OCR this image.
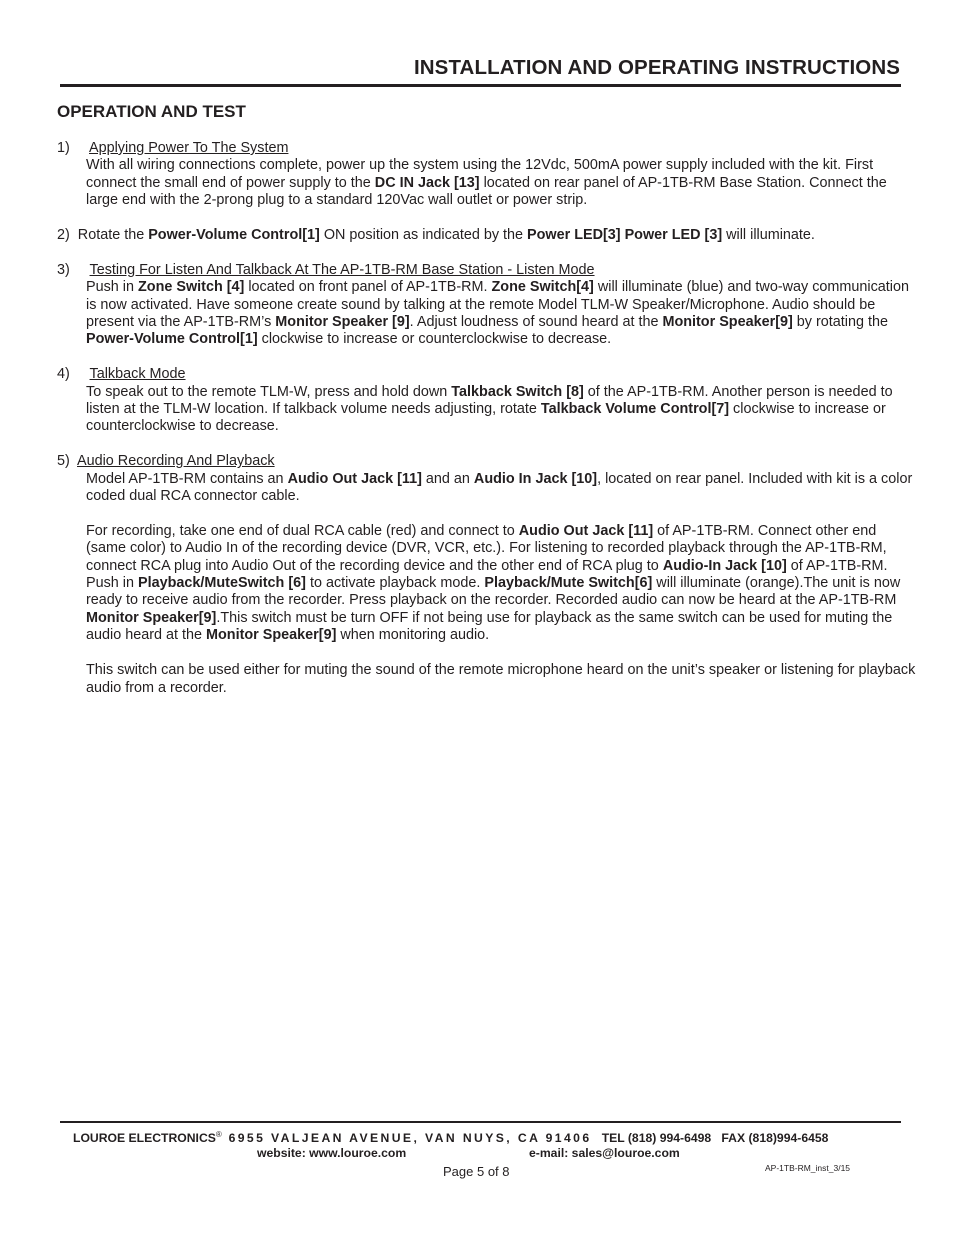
INSTALLATION AND OPERATING INSTRUCTIONS
OPERATION AND TEST
1) Applying Power To The System
With all wiring connections complete, power up the system using the 12Vdc, 500mA power supply included with the kit. First connect the small end of power supply to the DC IN Jack [13] located on rear panel of AP-1TB-RM Base Station. Connect the large end with the 2-prong plug to a standard 120Vac wall outlet or power strip.
2) Rotate the Power-Volume Control[1] ON position as indicated by the Power LED[3] Power LED [3] will illuminate.
3) Testing For Listen And Talkback At The AP-1TB-RM Base Station - Listen Mode
Push in Zone Switch [4] located on front panel of AP-1TB-RM. Zone Switch[4] will illuminate (blue) and two-way communication is now activated. Have someone create sound by talking at the remote Model TLM-W Speaker/Microphone. Audio should be present via the AP-1TB-RM’s Monitor Speaker [9]. Adjust loudness of sound heard at the Monitor Speaker[9] by rotating the Power-Volume Control[1] clockwise to increase or counterclockwise to decrease.
4) Talkback Mode
To speak out to the remote TLM-W, press and hold down Talkback Switch [8] of the AP-1TB-RM. Another person is needed to listen at the TLM-W location. If talkback volume needs adjusting, rotate Talkback Volume Control[7] clockwise to increase or counterclockwise to decrease.
5) Audio Recording And Playback
Model AP-1TB-RM contains an Audio Out Jack [11] and an Audio In Jack [10], located on rear panel. Included with kit is a color coded dual RCA connector cable.
For recording, take one end of dual RCA cable (red) and connect to Audio Out Jack [11] of AP-1TB-RM. Connect other end (same color) to Audio In of the recording device (DVR, VCR, etc.). For listening to recorded playback through the AP-1TB-RM, connect RCA plug into Audio Out of the recording device and the other end of RCA plug to Audio-In Jack [10] of AP-1TB-RM. Push in Playback/MuteSwitch [6] to activate playback mode. Playback/Mute Switch[6] will illuminate (orange).The unit is now ready to receive audio from the recorder. Press playback on the recorder. Recorded audio can now be heard at the AP-1TB-RM Monitor Speaker[9].This switch must be turn OFF if not being use for playback as the same switch can be used for muting the audio heard at the Monitor Speaker[9] when monitoring audio.
This switch can be used either for muting the sound of the remote microphone heard on the unit’s speaker or listening for playback audio from a recorder.
LOUROE ELECTRONICS® 6955 VALJEAN AVENUE, VAN NUYS, CA 91406 TEL (818) 994-6498 FAX (818)994-6458
website: www.louroe.com	e-mail: sales@louroe.com
Page 5 of 8	AP-1TB-RM_inst_3/15
